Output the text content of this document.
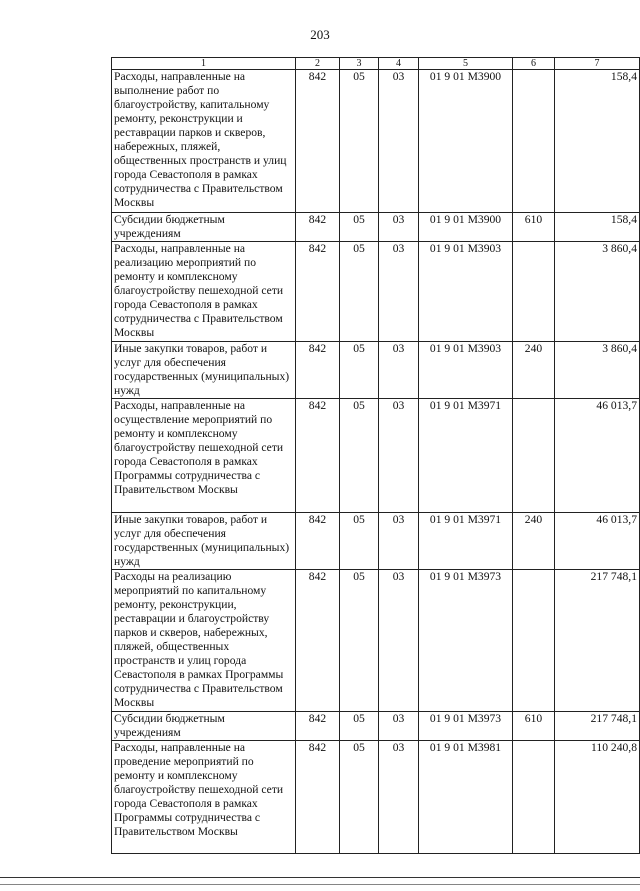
203
1	2	3	4	5	6	7
Расходы, направленные на выполнение работ по благоустройству, капитальному ремонту, реконструкции и реставрации парков и скверов, набережных, пляжей, общественных пространств и улиц города Севастополя в рамках сотрудничества с Правительством Москвы	842	05	03	01 9 01 M3900		158,4
Субсидии бюджетным учреждениям	842	05	03	01 9 01 M3900	610	158,4
Расходы, направленные на реализацию мероприятий по ремонту и комплексному благоустройству пешеходной сети города Севастополя в рамках сотрудничества с Правительством Москвы	842	05	03	01 9 01 M3903		3 860,4
Иные закупки товаров, работ и услуг для обеспечения государственных (муниципальных) нужд	842	05	03	01 9 01 M3903	240	3 860,4
Расходы, направленные на осуществление мероприятий по ремонту и комплексному благоустройству пешеходной сети города Севастополя в рамках Программы сотрудничества с Правительством Москвы	842	05	03	01 9 01 M3971		46 013,7
Иные закупки товаров, работ и услуг для обеспечения государственных (муниципальных) нужд	842	05	03	01 9 01 M3971	240	46 013,7
Расходы на реализацию мероприятий по капитальному ремонту, реконструкции, реставрации и благоустройству парков и скверов, набережных, пляжей, общественных пространств и улиц города Севастополя в рамках Программы сотрудничества с Правительством Москвы	842	05	03	01 9 01 M3973		217 748,1
Субсидии бюджетным учреждениям	842	05	03	01 9 01 M3973	610	217 748,1
Расходы, направленные на проведение мероприятий по ремонту и комплексному благоустройству пешеходной сети города Севастополя в рамках Программы сотрудничества с Правительством Москвы	842	05	03	01 9 01 M3981		110 240,8
